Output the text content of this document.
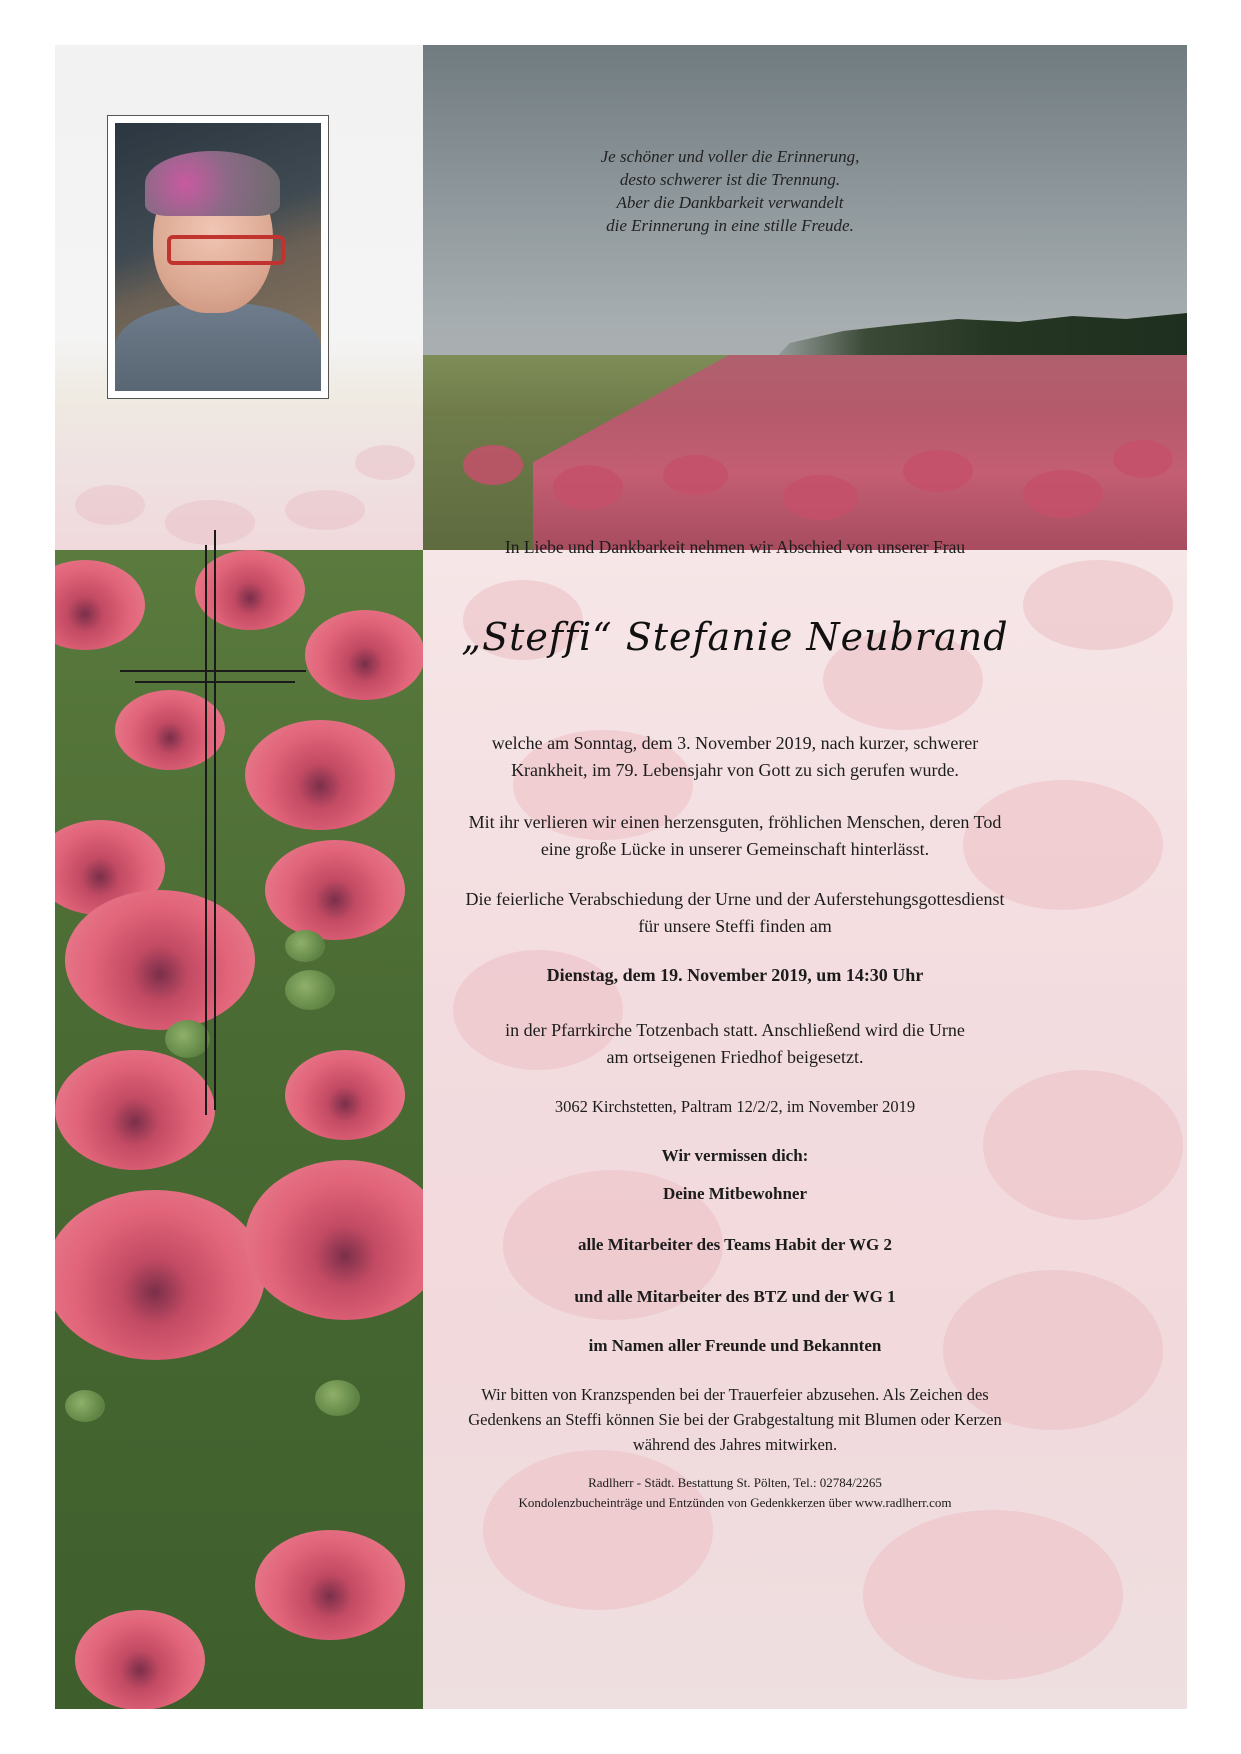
Je schöner und voller die Erinnerung,
desto schwerer ist die Trennung.
Aber die Dankbarkeit verwandelt
die Erinnerung in eine stille Freude.
In Liebe und Dankbarkeit nehmen wir Abschied von unserer Frau
„Steffi“ Stefanie Neubrand
welche am Sonntag, dem 3. November 2019, nach kurzer, schwerer
Krankheit, im 79. Lebensjahr von Gott zu sich gerufen wurde.
Mit ihr verlieren wir einen herzensguten, fröhlichen Menschen, deren Tod
eine große Lücke in unserer Gemeinschaft hinterlässt.
Die feierliche Verabschiedung der Urne und der Auferstehungsgottesdienst
für unsere Steffi finden am
Dienstag, dem 19. November 2019, um 14:30 Uhr
in der Pfarrkirche Totzenbach statt. Anschließend wird die Urne
am ortseigenen Friedhof beigesetzt.
3062 Kirchstetten, Paltram 12/2/2, im November 2019
Wir vermissen dich:
Deine Mitbewohner
alle Mitarbeiter des Teams Habit der WG 2
und alle Mitarbeiter des BTZ und der WG 1
im Namen aller Freunde und Bekannten
Wir bitten von Kranzspenden bei der Trauerfeier abzusehen. Als Zeichen des
Gedenkens an Steffi können Sie bei der Grabgestaltung mit Blumen oder Kerzen
während des Jahres mitwirken.
Radlherr - Städt. Bestattung St. Pölten, Tel.: 02784/2265
Kondolenzbucheinträge und Entzünden von Gedenkkerzen über www.radlherr.com
